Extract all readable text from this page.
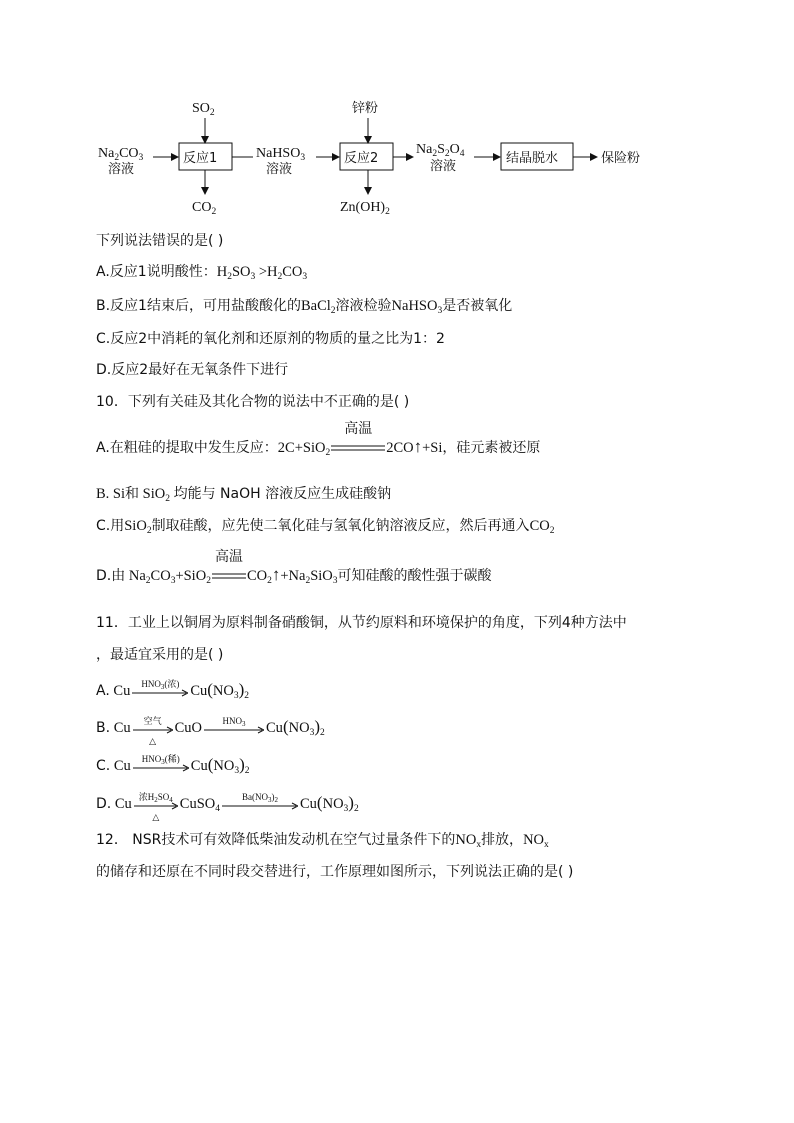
$Na_2CO_3$
溶液
$SO_2$
反应1
$CO_2$
NaHSO$_3$
溶液
锌粉
反应2
$Zn(OH)_2$
$Na_2S_2O_4$
溶液
结晶脱水	保险粉
下列说法错误的是( )
A.反应1说明酸性：$H_2SO_3 >H_2CO_3$
B.反应1结束后，可用盐酸酸化的BaCl$_2$溶液检验NaHSO$_3$是否被氧化
C.反应2中消耗的氧化剂和还原剂的物质的量之比为1：2
D.反应2最好在无氧条件下进行
10．下列有关硅及其化合物的说法中不正确的是( )
A.在粗硅的提取中发生反应：2C+SiO$_2$
高温
2CO↑+Si，硅元素被还原
B. Si和 SiO$_2$ 均能与 NaOH 溶液反应生成硅酸钠
C.用SiO$_2$制取硅酸，应先使二氧化硅与氢氧化钠溶液反应，然后再通入$CO_2$
D.由 $Na_2CO_3+SiO_2$
高温
$CO_2↑+Na_2SiO_3$可知硅酸的酸性强于碳酸
11．工业上以铜屑为原料制备硝酸铜，从节约原料和环境保护的角度，下列4种方法中
，最适宜采用的是( )
A. Cu	$HNO_3$(浓) $Cu(NO_3)_2$
B. Cu	空气
△
CuO	$HNO_3$	$Cu(NO_3)_2$
C. Cu	$HNO_3$(稀) $Cu(NO_3)_2$
D. Cu 浓$H_2SO_4$
△
CuSO$_4$
$Ba(NO_3)_2$	$Cu(NO_3)_2$
12． NSR技术可有效降低柴油发动机在空气过量条件下的$NO_x$排放，$NO_x$
的储存和还原在不同时段交替进行，工作原理如图所示，下列说法正确的是( )
